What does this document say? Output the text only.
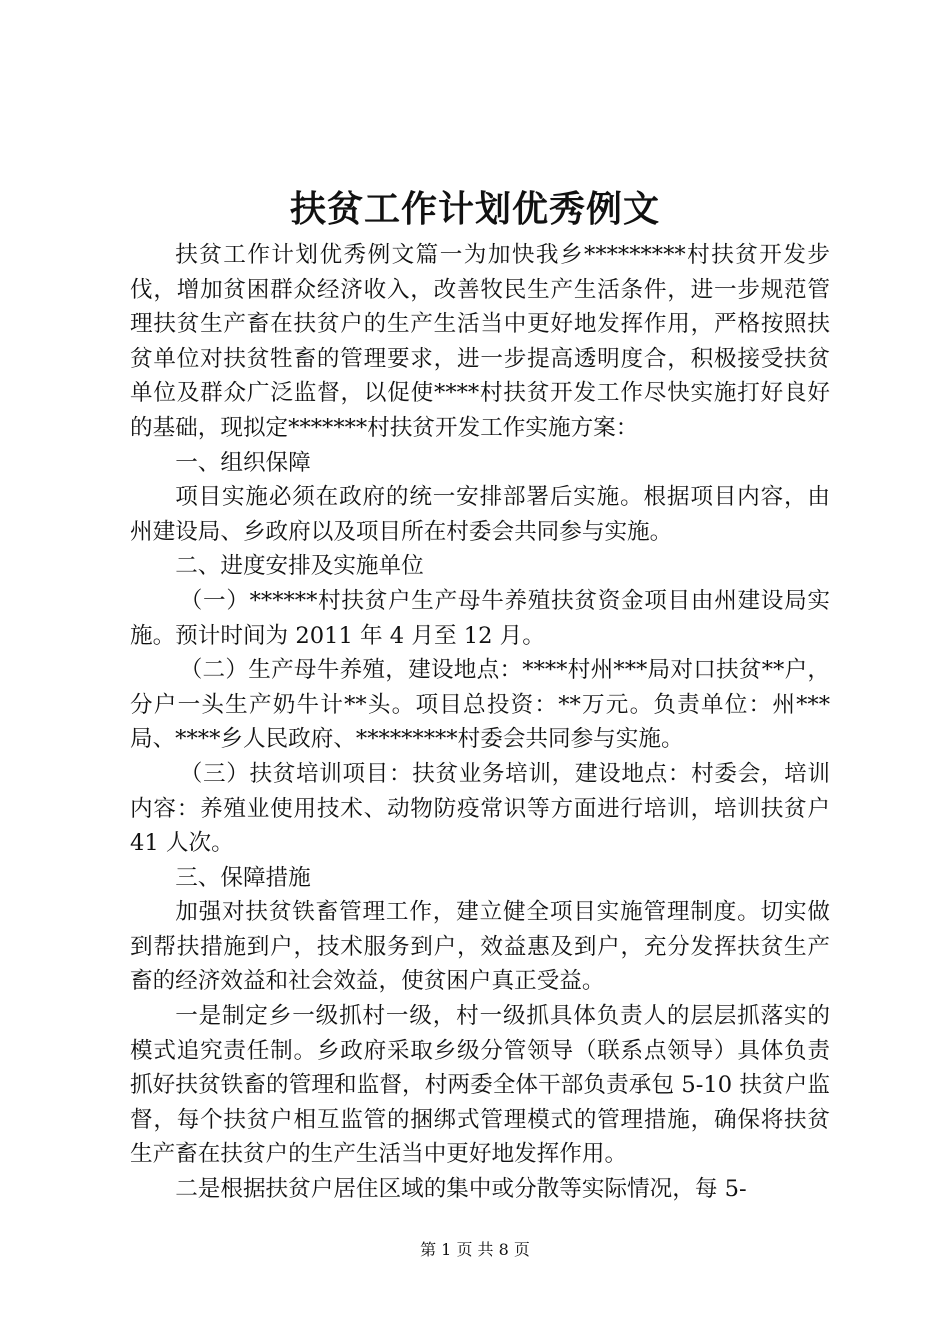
扶贫工作计划优秀例文

扶贫工作计划优秀例文篇一为加快我乡*********村扶贫开发步伐，增加贫困群众经济收入，改善牧民生产生活条件，进一步规范管理扶贫生产畜在扶贫户的生产生活当中更好地发挥作用，严格按照扶贫单位对扶贫牲畜的管理要求，进一步提高透明度合，积极接受扶贫单位及群众广泛监督，以促使****村扶贫开发工作尽快实施打好良好的基础，现拟定*******村扶贫开发工作实施方案：

一、组织保障

项目实施必须在政府的统一安排部署后实施。根据项目内容，由州建设局、乡政府以及项目所在村委会共同参与实施。

二、进度安排及实施单位

（一）******村扶贫户生产母牛养殖扶贫资金项目由州建设局实施。预计时间为 2011 年 4 月至 12 月。

（二）生产母牛养殖，建设地点：****村州***局对口扶贫**户，分户一头生产奶牛计**头。项目总投资：**万元。负责单位：州***局、****乡人民政府、*********村委会共同参与实施。

（三）扶贫培训项目：扶贫业务培训，建设地点：村委会，培训内容：养殖业使用技术、动物防疫常识等方面进行培训，培训扶贫户 41 人次。

三、保障措施

加强对扶贫铁畜管理工作，建立健全项目实施管理制度。切实做到帮扶措施到户，技术服务到户，效益惠及到户，充分发挥扶贫生产畜的经济效益和社会效益，使贫困户真正受益。

一是制定乡一级抓村一级，村一级抓具体负责人的层层抓落实的模式追究责任制。乡政府采取乡级分管领导（联系点领导）具体负责抓好扶贫铁畜的管理和监督，村两委全体干部负责承包 5-10 扶贫户监督，每个扶贫户相互监管的捆绑式管理模式的管理措施，确保将扶贫生产畜在扶贫户的生产生活当中更好地发挥作用。

二是根据扶贫户居住区域的集中或分散等实际情况，每 5-

第 1 页 共 8 页
